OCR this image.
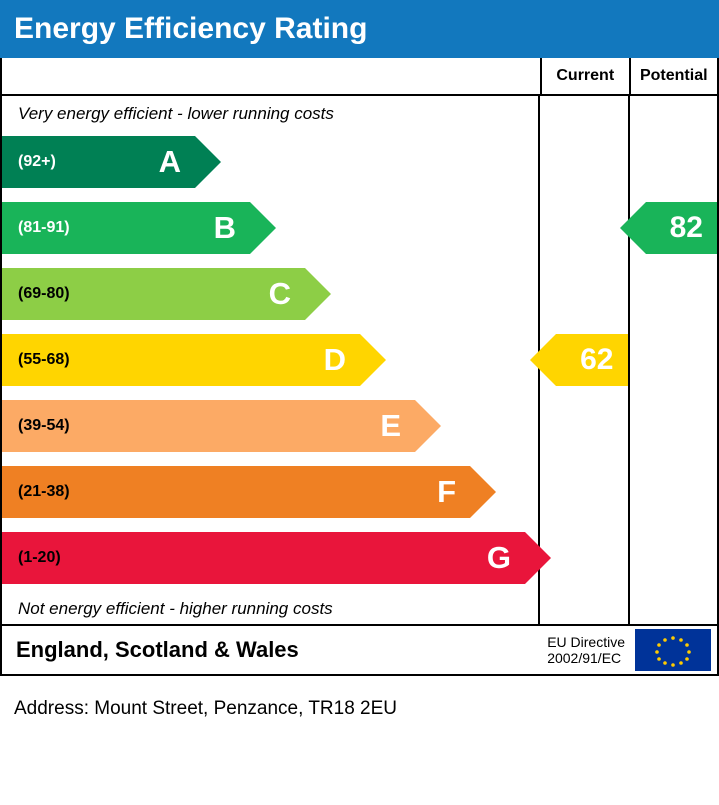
Energy Efficiency Rating
Current	Potential
Very energy efficient - lower running costs
(92+)	A
(81-91)	B
(69-80)	C
(55-68)	D
(39-54)	E
(21-38)	F
(1-20)	G
Not energy efficient - higher running costs
62
82
England, Scotland & Wales	EU Directive
2002/91/EC
Address: Mount Street, Penzance, TR18 2EU
